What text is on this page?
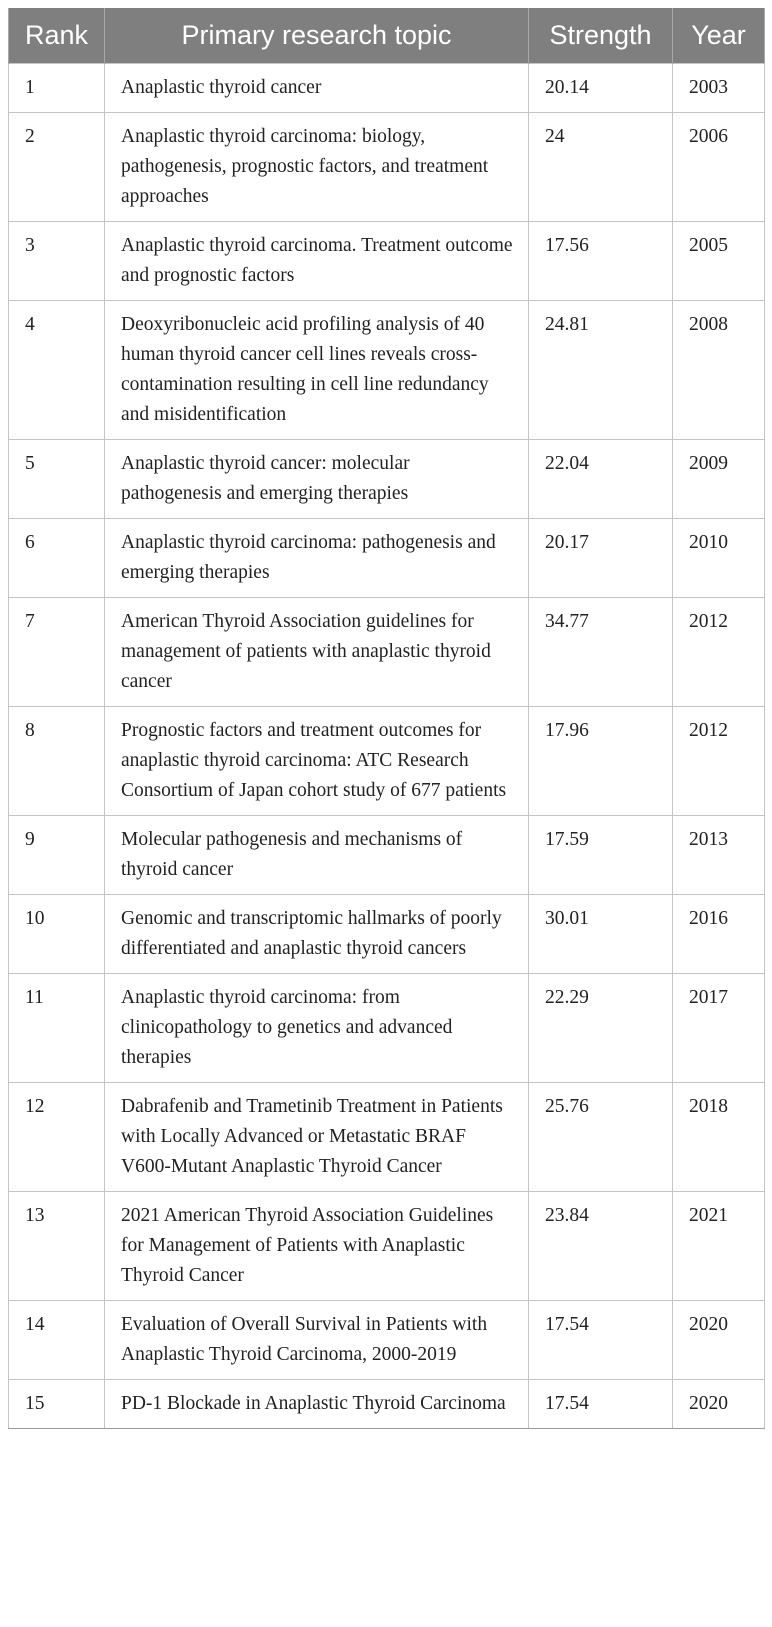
Rank	Primary research topic	Strength	Year
1	Anaplastic thyroid cancer	20.14	2003
2	Anaplastic thyroid carcinoma: biology, pathogenesis, prognostic factors, and treatment approaches	24	2006
3	Anaplastic thyroid carcinoma. Treatment outcome and prognostic factors	17.56	2005
4	Deoxyribonucleic acid profiling analysis of 40 human thyroid cancer cell lines reveals cross-contamination resulting in cell line redundancy and misidentification	24.81	2008
5	Anaplastic thyroid cancer: molecular pathogenesis and emerging therapies	22.04	2009
6	Anaplastic thyroid carcinoma: pathogenesis and emerging therapies	20.17	2010
7	American Thyroid Association guidelines for management of patients with anaplastic thyroid cancer	34.77	2012
8	Prognostic factors and treatment outcomes for anaplastic thyroid carcinoma: ATC Research Consortium of Japan cohort study of 677 patients	17.96	2012
9	Molecular pathogenesis and mechanisms of thyroid cancer	17.59	2013
10	Genomic and transcriptomic hallmarks of poorly differentiated and anaplastic thyroid cancers	30.01	2016
11	Anaplastic thyroid carcinoma: from clinicopathology to genetics and advanced therapies	22.29	2017
12	Dabrafenib and Trametinib Treatment in Patients with Locally Advanced or Metastatic BRAF V600-Mutant Anaplastic Thyroid Cancer	25.76	2018
13	2021 American Thyroid Association Guidelines for Management of Patients with Anaplastic Thyroid Cancer	23.84	2021
14	Evaluation of Overall Survival in Patients with Anaplastic Thyroid Carcinoma, 2000-2019	17.54	2020
15	PD-1 Blockade in Anaplastic Thyroid Carcinoma	17.54	2020
